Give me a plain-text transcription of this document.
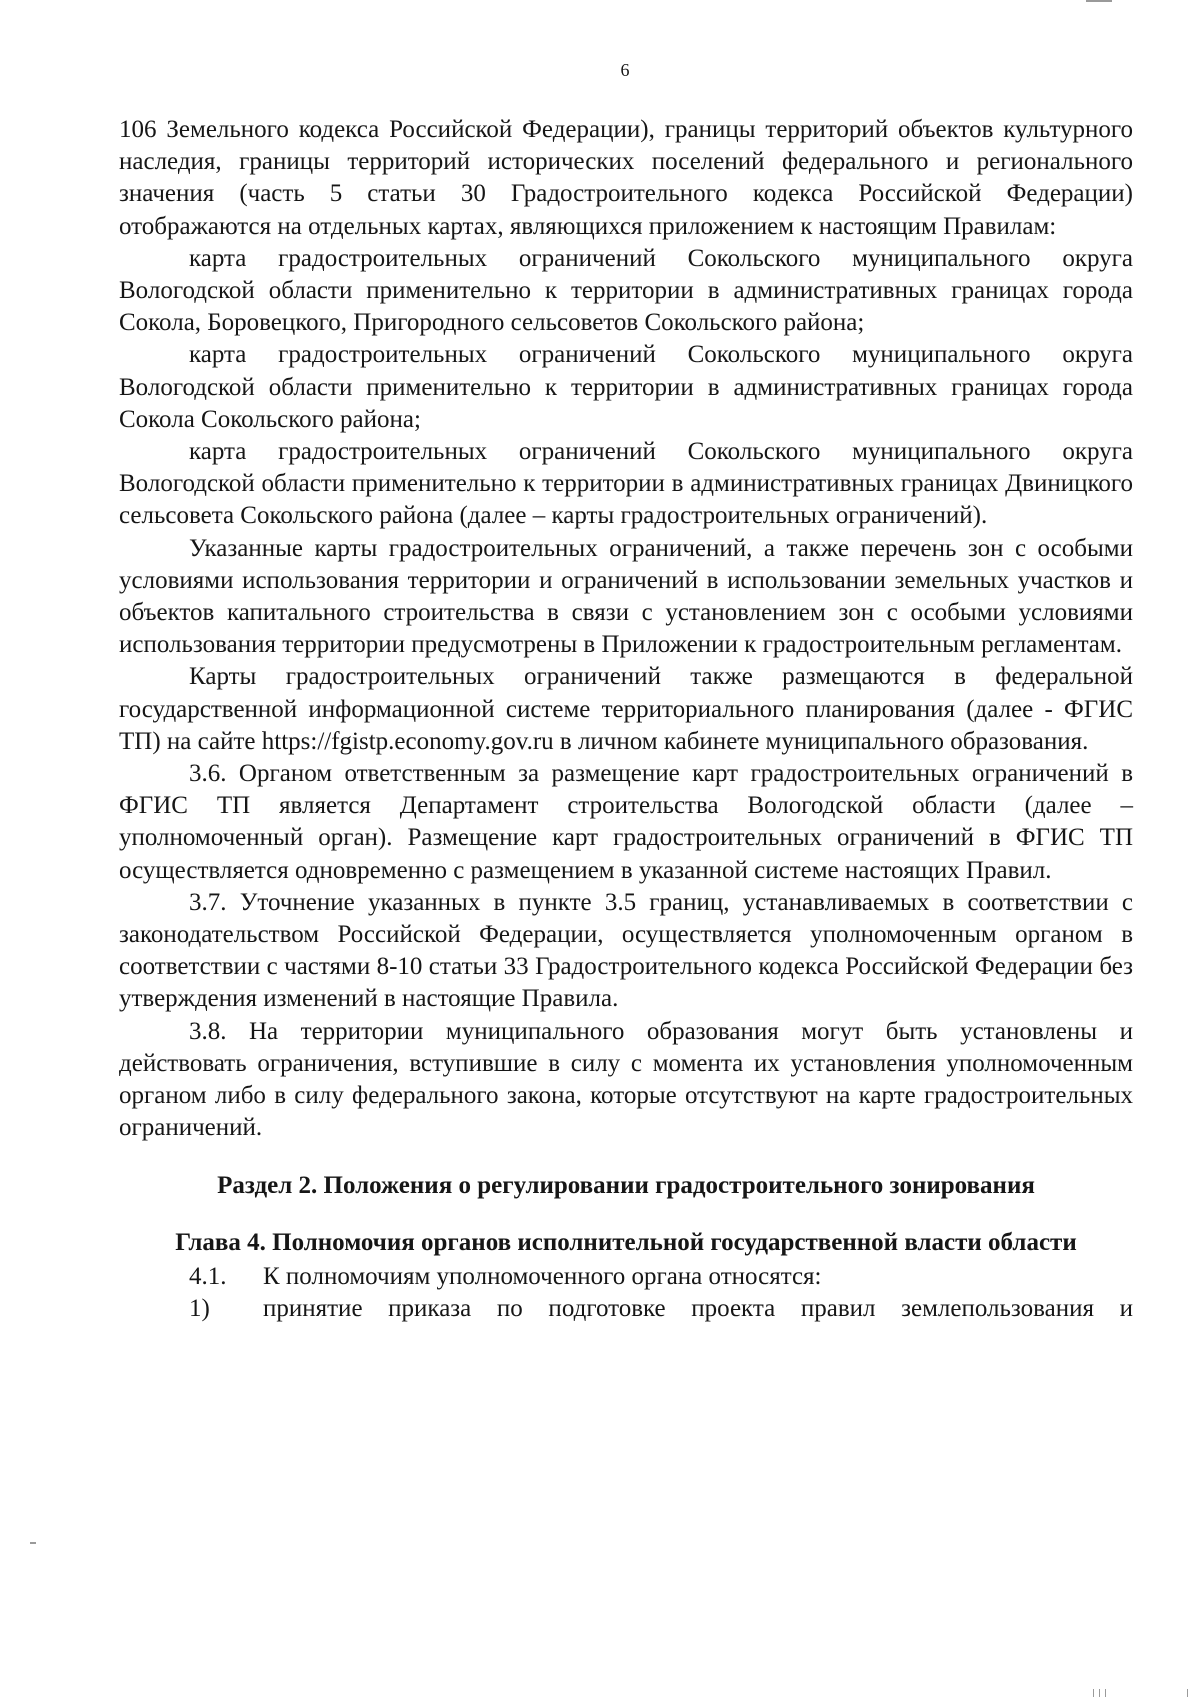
6

106 Земельного кодекса Российской Федерации), границы территорий объектов культурного наследия, границы территорий исторических поселений федерального и регионального значения (часть 5 статьи 30 Градостроительного кодекса Российской Федерации) отображаются на отдельных картах, являющихся приложением к настоящим Правилам:

карта градостроительных ограничений Сокольского муниципального округа Вологодской области применительно к территории в административных границах города Сокола, Боровецкого, Пригородного сельсоветов Сокольского района;

карта градостроительных ограничений Сокольского муниципального округа Вологодской области применительно к территории в административных границах города Сокола Сокольского района;

карта градостроительных ограничений Сокольского муниципального округа Вологодской области применительно к территории в административных границах Двиницкого сельсовета Сокольского района (далее – карты градостроительных ограничений).

Указанные карты градостроительных ограничений, а также перечень зон с особыми условиями использования территории и ограничений в использовании земельных участков и объектов капитального строительства в связи с установлением зон с особыми условиями использования территории предусмотрены в Приложении к градостроительным регламентам.

Карты градостроительных ограничений также размещаются в федеральной государственной информационной системе территориального планирования (далее - ФГИС ТП) на сайте https://fgistp.economy.gov.ru в личном кабинете муниципального образования.

3.6. Органом ответственным за размещение карт градостроительных ограничений в ФГИС ТП является Департамент строительства Вологодской области (далее – уполномоченный орган). Размещение карт градостроительных ограничений в ФГИС ТП осуществляется одновременно с размещением в указанной системе настоящих Правил.

3.7. Уточнение указанных в пункте 3.5 границ, устанавливаемых в соответствии с законодательством Российской Федерации, осуществляется уполномоченным органом в соответствии с частями 8-10 статьи 33 Градостроительного кодекса Российской Федерации без утверждения изменений в настоящие Правила.

3.8. На территории муниципального образования могут быть установлены и действовать ограничения, вступившие в силу с момента их установления уполномоченным органом либо в силу федерального закона, которые отсутствуют на карте градостроительных ограничений.

Раздел 2. Положения о регулировании градостроительного зонирования

Глава 4. Полномочия органов исполнительной государственной власти области

4.1.	К полномочиям уполномоченного органа относятся:
1)	принятие приказа по подготовке проекта правил землепользования и
